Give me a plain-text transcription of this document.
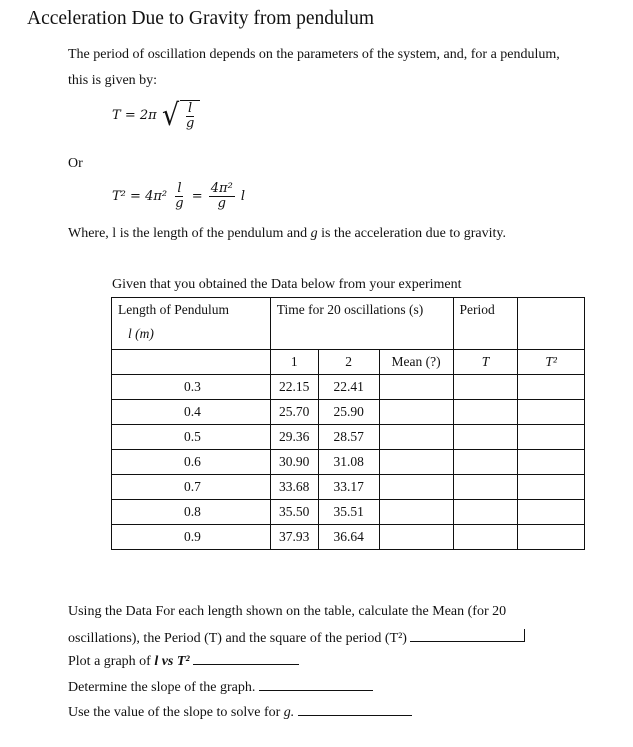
Acceleration Due to Gravity from pendulum
The period of oscillation depends on the parameters of the system, and, for a pendulum,
this is given by:
T = 2π √ $\frac{l}{g}$
Or
$T^2 = 4\pi^2 \frac{l}{g} = \frac{\text{4π²}}{g}$ l
Where, l is the length of the pendulum and g is the acceleration due to gravity.
Given that you obtained the Data below from your experiment
Length of Pendulum
l (m)	Time for 20 oscillations (s)			Period	
	1	2	Mean (?)	T	T²
0.3	22.15	22.41			
0.4	25.70	25.90			
0.5	29.36	28.57			
0.6	30.90	31.08			
0.7	33.68	33.17			
0.8	35.50	35.51			
0.9	37.93	36.64			
Using the Data For each length shown on the table, calculate the Mean (for 20
oscillations), the Period (T) and the square of the period (T²)
Plot a graph of l vs T²
Determine the slope of the graph.
Use the value of the slope to solve for g.
